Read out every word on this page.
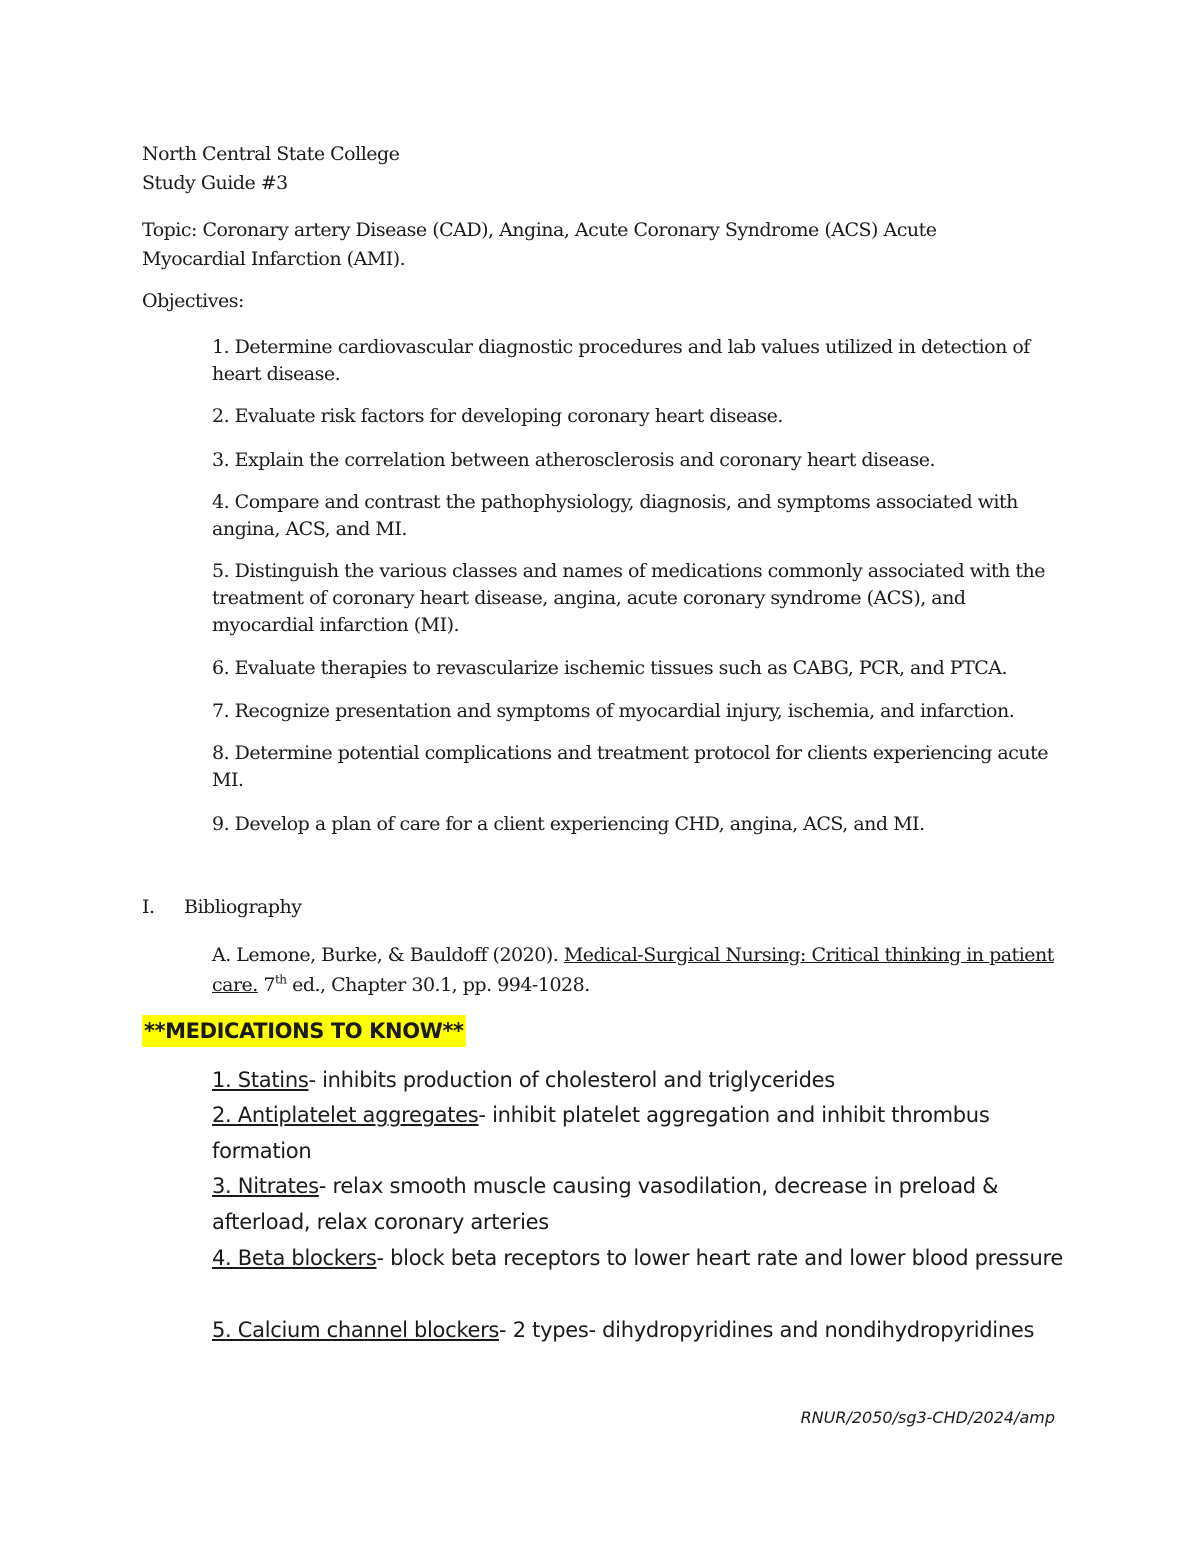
North Central State College
Study Guide #3
Topic: Coronary artery Disease (CAD), Angina, Acute Coronary Syndrome (ACS) Acute Myocardial Infarction (AMI).
Objectives:
1. Determine cardiovascular diagnostic procedures and lab values utilized in detection of heart disease.
2. Evaluate risk factors for developing coronary heart disease.
3. Explain the correlation between atherosclerosis and coronary heart disease.
4. Compare and contrast the pathophysiology, diagnosis, and symptoms associated with angina, ACS, and MI.
5. Distinguish the various classes and names of medications commonly associated with the treatment of coronary heart disease, angina, acute coronary syndrome (ACS), and myocardial infarction (MI).
6. Evaluate therapies to revascularize ischemic tissues such as CABG, PCR, and PTCA.
7. Recognize presentation and symptoms of myocardial injury, ischemia, and infarction.
8. Determine potential complications and treatment protocol for clients experiencing acute MI.
9. Develop a plan of care for a client experiencing CHD, angina, ACS, and MI.
I. Bibliography
A. Lemone, Burke, & Bauldoff (2020). Medical-Surgical Nursing: Critical thinking in patient care. 7th ed., Chapter 30.1, pp. 994-1028.
**MEDICATIONS TO KNOW**
1. Statins- inhibits production of cholesterol and triglycerides
2. Antiplatelet aggregates- inhibit platelet aggregation and inhibit thrombus formation
3. Nitrates- relax smooth muscle causing vasodilation, decrease in preload & afterload, relax coronary arteries
4. Beta blockers- block beta receptors to lower heart rate and lower blood pressure
5. Calcium channel blockers- 2 types- dihydropyridines and nondihydropyridines
RNUR/2050/sg3-CHD/2024/amp
